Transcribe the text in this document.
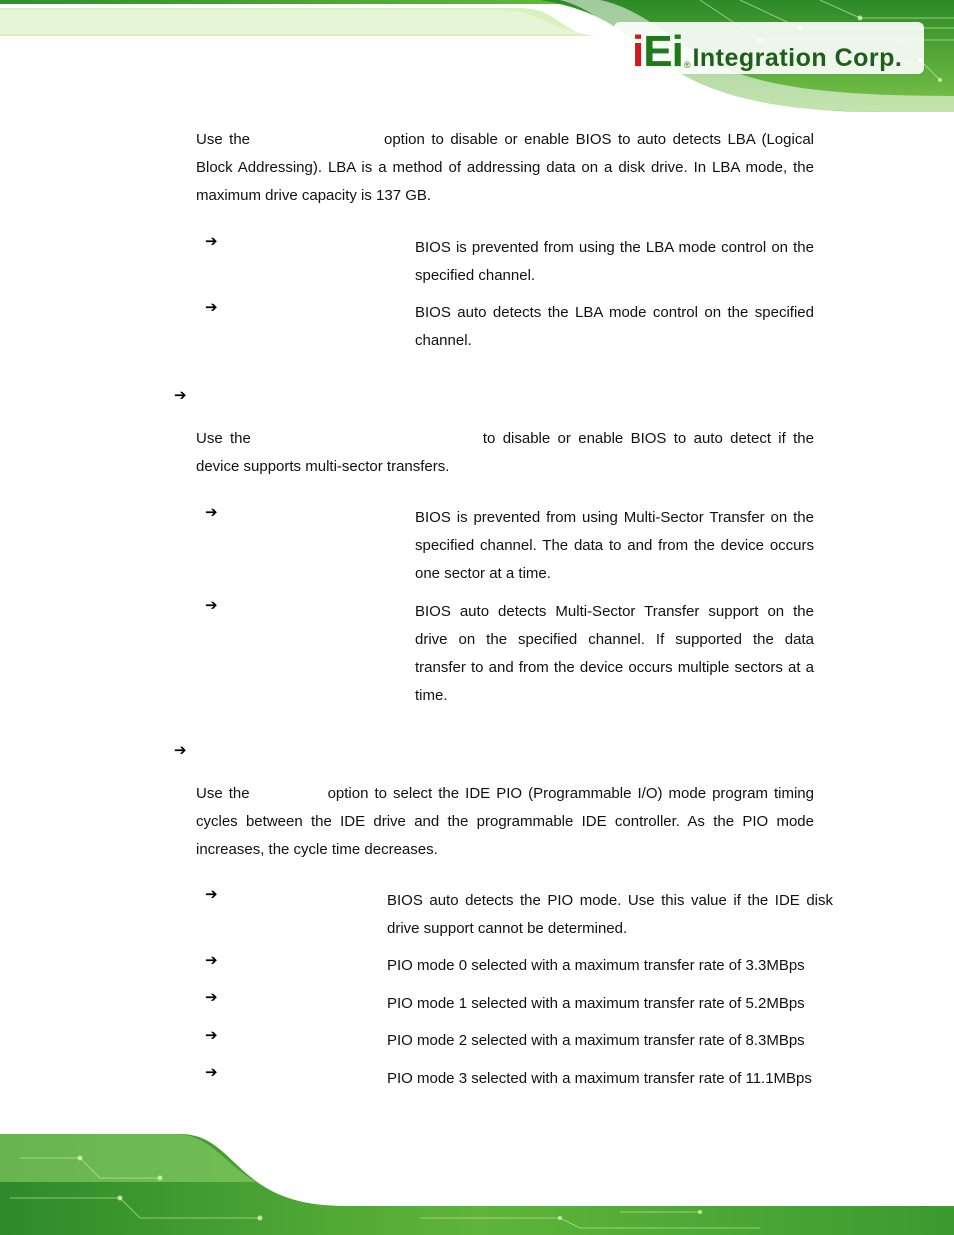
iEi ® Integration Corp.

Use the	option to disable or enable BIOS to auto detects LBA (Logical Block Addressing). LBA is a method of addressing data on a disk drive. In LBA mode, the maximum drive capacity is 137 GB.

➔	BIOS is prevented from using the LBA mode control on the specified channel.

➔	BIOS auto detects the LBA mode control on the specified channel.

➔

Use the	to disable or enable BIOS to auto detect if the device supports multi-sector transfers.

➔	BIOS is prevented from using Multi-Sector Transfer on the specified channel. The data to and from the device occurs one sector at a time.

➔	BIOS auto detects Multi-Sector Transfer support on the drive on the specified channel. If supported the data transfer to and from the device occurs multiple sectors at a time.

➔

Use the	option to select the IDE PIO (Programmable I/O) mode program timing cycles between the IDE drive and the programmable IDE controller. As the PIO mode increases, the cycle time decreases.

➔	BIOS auto detects the PIO mode. Use this value if the IDE disk drive support cannot be determined.

➔	PIO mode 0 selected with a maximum transfer rate of 3.3MBps

➔	PIO mode 1 selected with a maximum transfer rate of 5.2MBps

➔	PIO mode 2 selected with a maximum transfer rate of 8.3MBps

➔	PIO mode 3 selected with a maximum transfer rate of 11.1MBps
